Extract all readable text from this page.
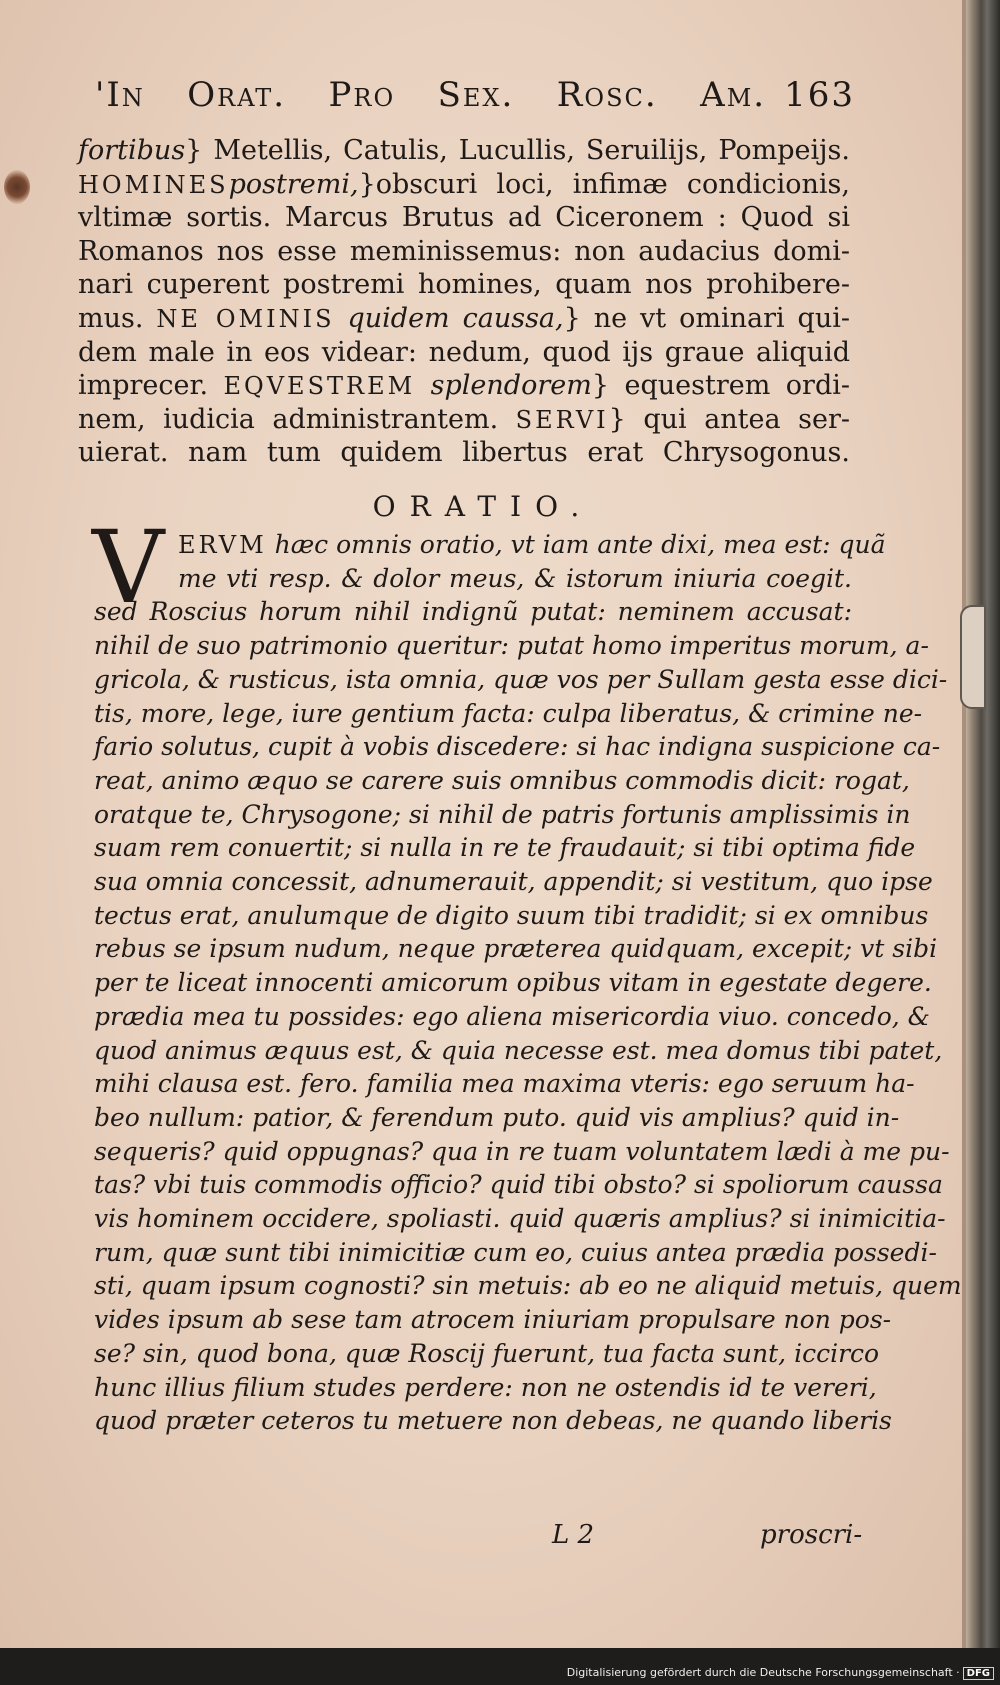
'In Orat. Pro Sex. Rosc. Am. 163
fortibus} Metellis, Catulis, Lucullis, Seruilijs, Pompeijs.
HOMINESpostremi,}obscuri loci, infimæ condicionis,
vltimæ sortis. Marcus Brutus ad Ciceronem : Quod si
Romanos nos esse meminissemus: non audacius domi-
nari cuperent postremi homines, quam nos prohibere-
mus. NE OMINIS quidem caussa,} ne vt ominari qui-
dem male in eos videar: nedum, quod ijs graue aliquid
imprecer. EQVESTREM splendorem} equestrem ordi-
nem, iudicia administrantem. SERVI} qui antea ser-
uierat. nam tum quidem libertus erat Chrysogonus.
ORATIO.
V ERVM hæc omnis oratio, vt iam ante dixi, mea est: quã
me vti resp. & dolor meus, & istorum iniuria coegit.
sed Roscius horum nihil indignũ putat: neminem accusat:
nihil de suo patrimonio queritur: putat homo imperitus morum, a-
gricola, & rusticus, ista omnia, quæ vos per Sullam gesta esse dici-
tis, more, lege, iure gentium facta: culpa liberatus, & crimine ne-
fario solutus, cupit à vobis discedere: si hac indigna suspicione ca-
reat, animo æquo se carere suis omnibus commodis dicit: rogat,
oratque te, Chrysogone; si nihil de patris fortunis amplissimis in
suam rem conuertit; si nulla in re te fraudauit; si tibi optima fide
sua omnia concessit, adnumerauit, appendit; si vestitum, quo ipse
tectus erat, anulumque de digito suum tibi tradidit; si ex omnibus
rebus se ipsum nudum, neque præterea quidquam, excepit; vt sibi
per te liceat innocenti amicorum opibus vitam in egestate degere.
prædia mea tu possides: ego aliena misericordia viuo. concedo, &
quod animus æquus est, & quia necesse est. mea domus tibi patet,
mihi clausa est. fero. familia mea maxima vteris: ego seruum ha-
beo nullum: patior, & ferendum puto. quid vis amplius? quid in-
sequeris? quid oppugnas? qua in re tuam voluntatem lædi à me pu-
tas? vbi tuis commodis officio? quid tibi obsto? si spoliorum caussa
vis hominem occidere, spoliasti. quid quæris amplius? si inimicitia-
rum, quæ sunt tibi inimicitiæ cum eo, cuius antea prædia possedi-
sti, quam ipsum cognosti? sin metuis: ab eo ne aliquid metuis, quem
vides ipsum ab sese tam atrocem iniuriam propulsare non pos-
se? sin, quod bona, quæ Roscij fuerunt, tua facta sunt, iccirco
hunc illius filium studes perdere: non ne ostendis id te vereri,
quod præter ceteros tu metuere non debeas, ne quando liberis
L 2	proscri-
Digitalisierung gefördert durch die Deutsche Forschungsgemeinschaft · DFG
